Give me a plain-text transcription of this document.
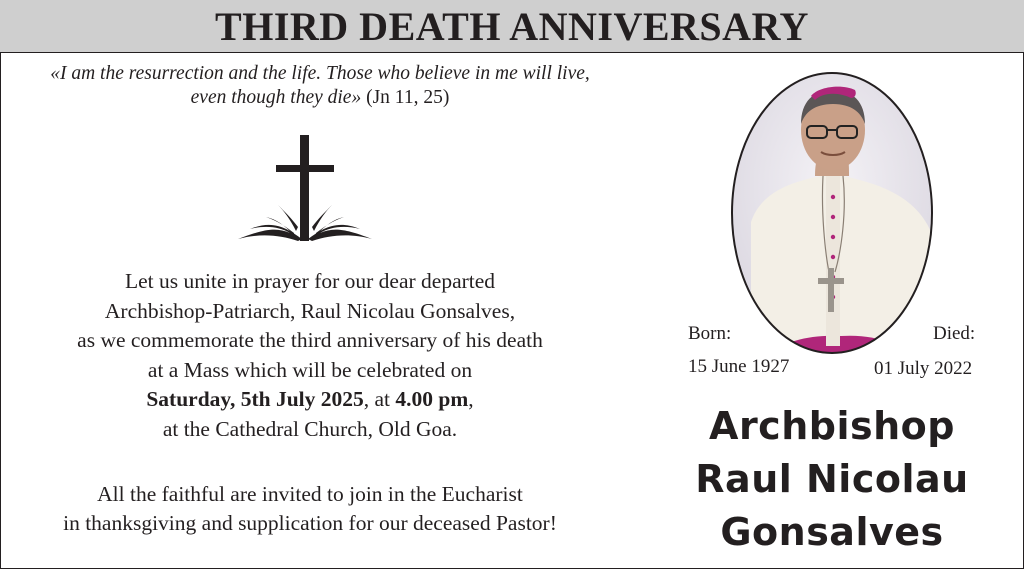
THIRD DEATH ANNIVERSARY
«I am the resurrection and the life. Those who believe in me will live,
even though they die» (Jn 11, 25)
Let us unite in prayer for our dear departed
Archbishop-Patriarch, Raul Nicolau Gonsalves,
as we commemorate the third anniversary of his death
at a Mass which will be celebrated on
Saturday, 5th July 2025, at 4.00 pm,
at the Cathedral Church, Old Goa.
All the faithful are invited to join in the Eucharist
in thanksgiving and supplication for our deceased Pastor!
Born:	Died:
15 June 1927	01 July 2022
Archbishop
Raul Nicolau
Gonsalves
